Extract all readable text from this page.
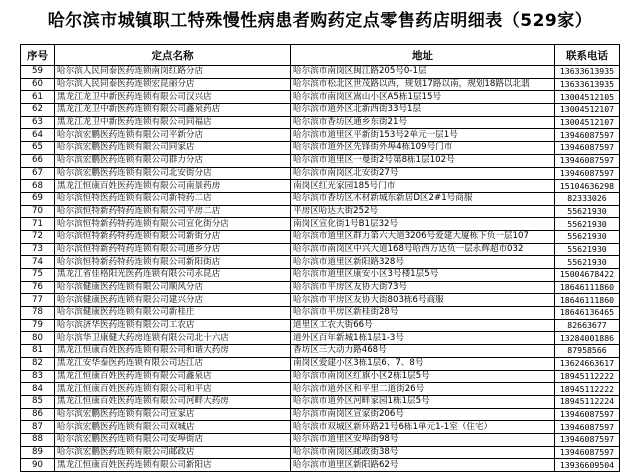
哈尔滨市城镇职工特殊慢性病患者购药定点零售药店明细表（529家）
序号	定点名称	地址	联系电话
59	哈尔滨人民同泰医药连锁南岗红路分店	哈尔滨市南岗区闽江路205号0-1层	13633613935
60	哈尔滨人民同泰医药连锁宏昆丽分店	哈尔滨市松北区世茂路以西，规划17路以南，规划18路以北翡	13633613935
61	黑龙江龙卫中新医药连锁有限公司汉兴店	哈尔滨市南岗区嵩山小区A5栋1层15号	13004512105
62	黑龙江龙卫中新医药连锁有限公司鑫泉药店	哈尔滨市道外区北新西街33号1层	13004512107
63	黑龙江龙卫中新医药连锁有限公司同福店	哈尔滨市香坊区通乡东街21号	13004512107
64	哈尔滨宏鹏医药连锁有限公司平新分店	哈尔滨市道里区平新街153号2单元一层1号	13946087597
65	哈尔滨宏鹏医药连锁有限公司同家店	哈尔滨市道外区先锋街外埠4栋109号门市	13946087597
66	哈尔滨宏鹏医药连锁有限公司群力分店	哈尔滨市道里区一曼街2号第8栋1层102号	13946087597
67	哈尔滨宏鹏医药连锁有限公司北安街分店	哈尔滨市南岗区北安街27号	13946087597
68	黑龙江恒康百姓医药连锁有限公司南景药房	南岗区红光家园185号门市	15104636298
69	哈尔滨恒特医药连锁有限公司新特药二店	哈尔滨市香坊区木材新城东新居D区2#1号商服	82333026
70	哈尔滨恒特新药特药连锁有限公司平房二店	平房区哈达大街252号	55621930
71	哈尔滨恒特新药特药连锁有限公司宣化街分店	南岗区宣化街1号B1层32号	55621930
72	哈尔滨恒特新药特药连锁有限公司新街分店	哈尔滨市道里区群力第六大道3206号爱建大厦栋下负一层107	55621930
73	哈尔滨恒特新药特药连锁有限公司通乡分店	哈尔滨市南岗区中兴大道168号哈西万达负一层永辉超市032	55621930
74	哈尔滨恒特新药特药连锁有限公司新阳街店	哈尔滨市道里区新阳路328号	55621930
75	黑龙江省佳格阳光医药连锁有限公司永昆店	哈尔滨市道里区康安小区3号楼1层5号	15004678422
76	哈尔滨健康医药连锁有限公司顺风分店	哈尔滨市平房区友协大街73号	18646111860
77	哈尔滨健康医药连锁有限公司建兴分店	哈尔滨市平房区友协大街803栋6号商服	18646111860
78	哈尔滨健康医药连锁有限公司新桂庄	哈尔滨市平房区新桂街28号	18646136465
79	哈尔滨济华医药连锁有限公司工农店	道里区工农大街66号	82663677
80	哈尔滨华卫康健大药房连锁有限公司北十六店	道外区百年新城1栋1层1-3号	13284001886
81	黑龙江恒康百姓医药连锁有限公司和谐大药房	香坊区三大动力路468号	87958566
82	黑龙江安华泰医药连锁有限公司达江店	南岗区爱建小区3栋1层6、7、8号	13624663617
83	黑龙江恒康百姓医药连锁有限公司鑫泉店	哈尔滨市南岗区红旗小区2栋1层5号	18945112222
84	黑龙江恒康百姓医药连锁有限公司和平店	哈尔滨市道外区和平里二道街26号	18945112222
85	黑龙江恒康百姓医药连锁有限公司河畔大药房	哈尔滨市道外区河畔家园1栋1层5号	18945112224
86	哈尔滨宏鹏医药连锁有限公司宣家店	哈尔滨市南岗区宣家街206号	13946087597
87	哈尔滨宏鹏医药连锁有限公司双城店	哈尔滨市双城区新环路21号6栋1单元1-1室（住宅）	13946087597
88	哈尔滨宏鹏医药连锁有限公司安埠街店	哈尔滨市道里区安埠街98号	13946087597
89	哈尔滨宏鹏医药连锁有限公司邮政店	哈尔滨市南岗区邮政街38号	13946087597
90	黑龙江恒康百姓医药连锁有限公司新阳店	哈尔滨市道里区新阳路62号	13936609504
